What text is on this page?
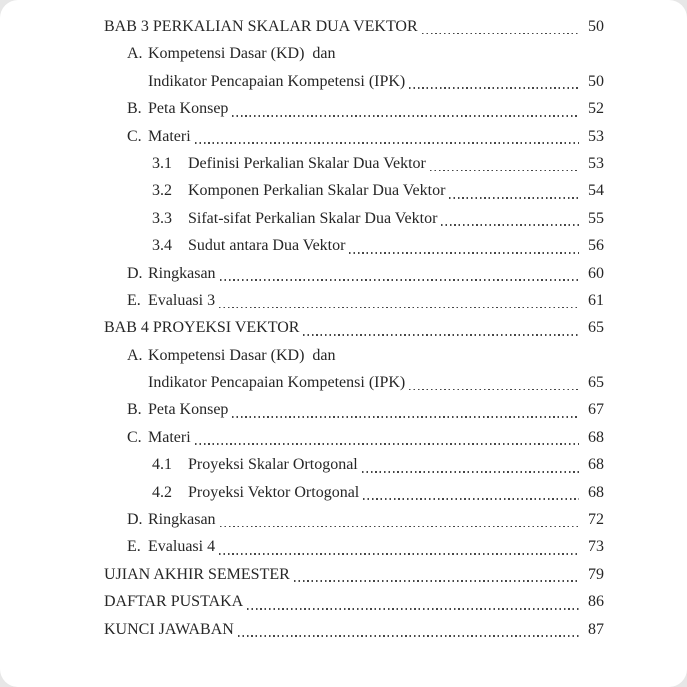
BAB 3 PERKALIAN SKALAR DUA VEKTOR	50
A. Kompetensi Dasar (KD)  dan
Indikator Pencapaian Kompetensi (IPK)	50
B. Peta Konsep	52
C. Materi	53
3.1	Definisi Perkalian Skalar Dua Vektor	53
3.2	Komponen Perkalian Skalar Dua Vektor	54
3.3	Sifat-sifat Perkalian Skalar Dua Vektor	55
3.4	Sudut antara Dua Vektor	56
D. Ringkasan	60
E. Evaluasi 3	61
BAB 4 PROYEKSI VEKTOR	65
A. Kompetensi Dasar (KD)  dan
Indikator Pencapaian Kompetensi (IPK)	65
B. Peta Konsep	67
C. Materi	68
4.1	Proyeksi Skalar Ortogonal	68
4.2	Proyeksi Vektor Ortogonal	68
D. Ringkasan	72
E. Evaluasi 4	73
UJIAN AKHIR SEMESTER	79
DAFTAR PUSTAKA	86
KUNCI JAWABAN	87
